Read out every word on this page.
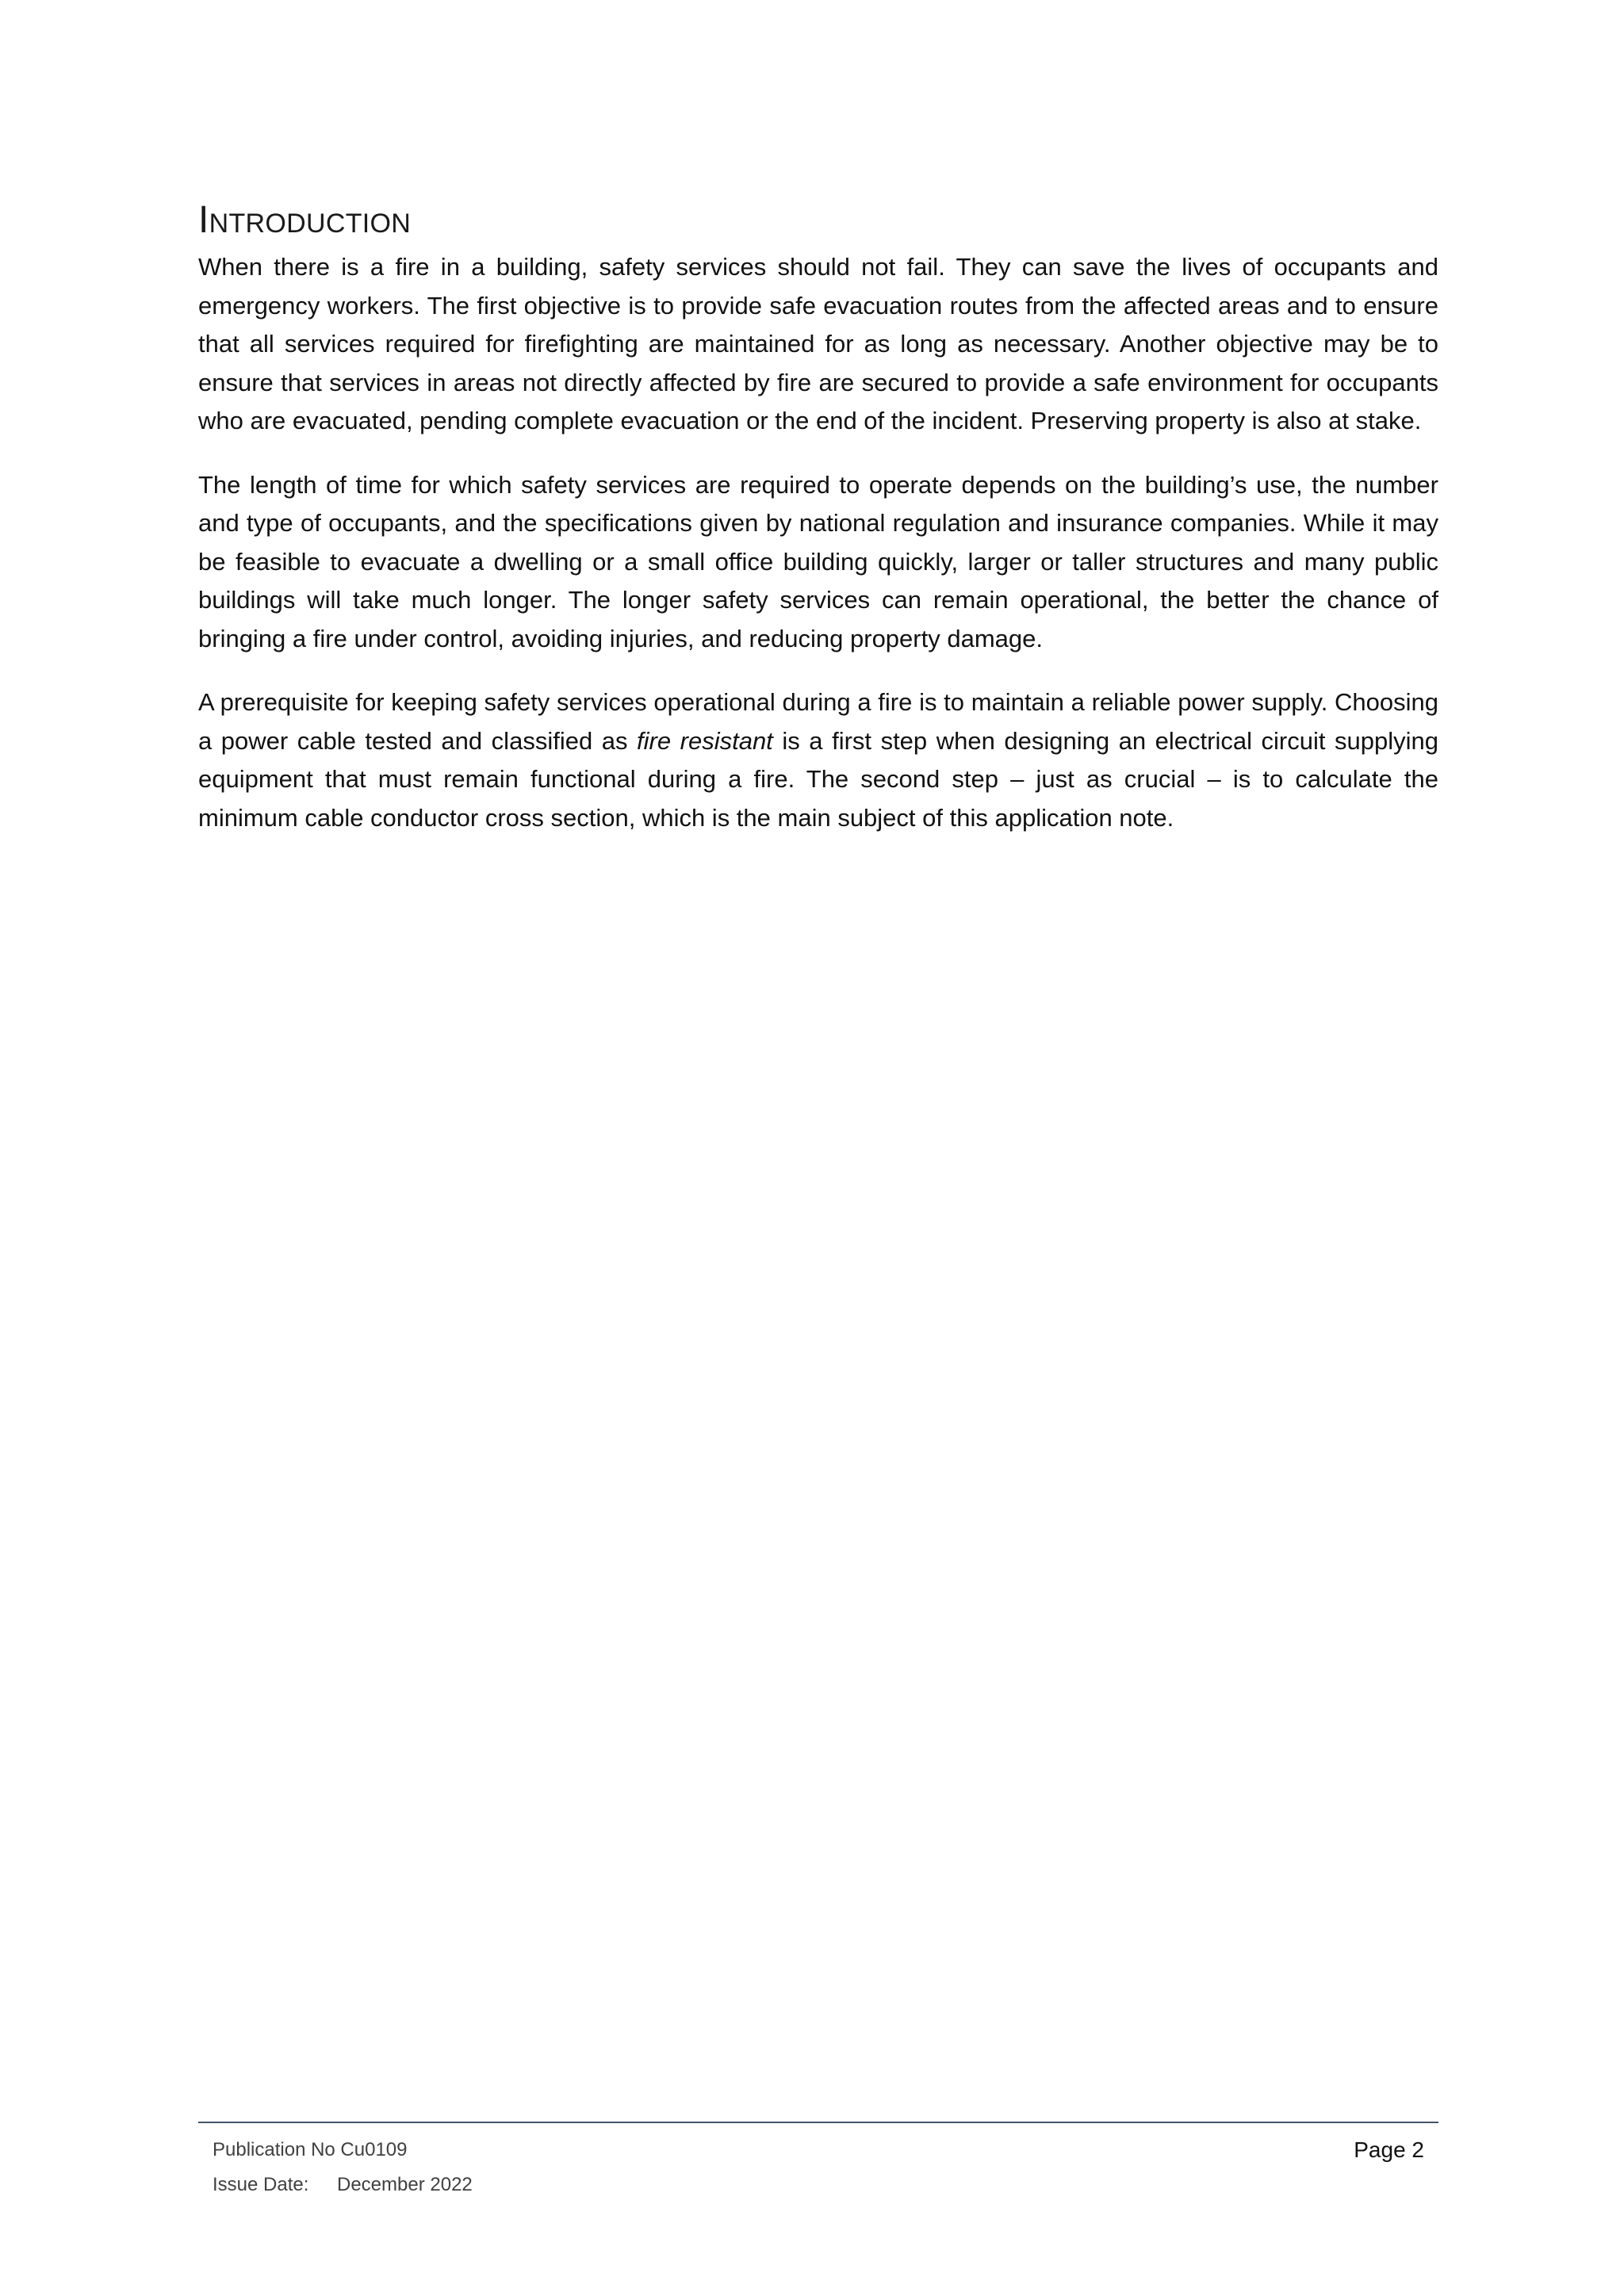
Introduction

When there is a fire in a building, safety services should not fail. They can save the lives of occupants and emergency workers. The first objective is to provide safe evacuation routes from the affected areas and to ensure that all services required for firefighting are maintained for as long as necessary. Another objective may be to ensure that services in areas not directly affected by fire are secured to provide a safe environment for occupants who are evacuated, pending complete evacuation or the end of the incident. Preserving property is also at stake.

The length of time for which safety services are required to operate depends on the building’s use, the number and type of occupants, and the specifications given by national regulation and insurance companies. While it may be feasible to evacuate a dwelling or a small office building quickly, larger or taller structures and many public buildings will take much longer. The longer safety services can remain operational, the better the chance of bringing a fire under control, avoiding injuries, and reducing property damage.

A prerequisite for keeping safety services operational during a fire is to maintain a reliable power supply. Choosing a power cable tested and classified as fire resistant is a first step when designing an electrical circuit supplying equipment that must remain functional during a fire. The second step – just as crucial – is to calculate the minimum cable conductor cross section, which is the main subject of this application note.

Publication No Cu0109
Issue Date:	December 2022
Page 2
